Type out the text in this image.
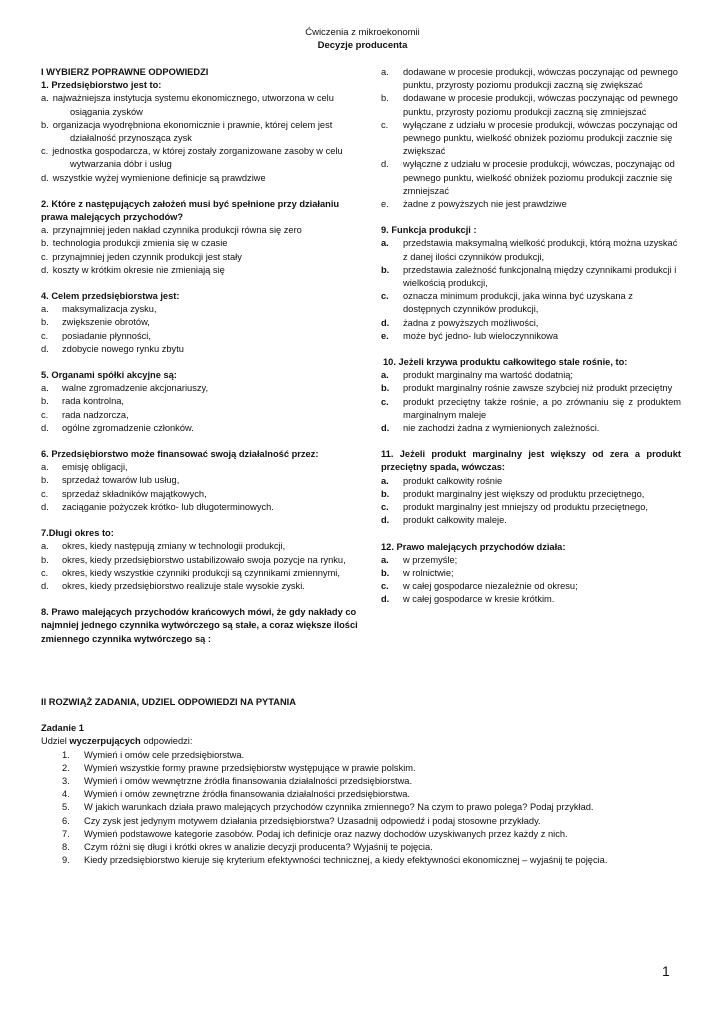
Ćwiczenia z mikroekonomii
Decyzje producenta
I WYBIERZ POPRAWNE ODPOWIEDZI
1. Przedsiębiorstwo jest to:
a. najważniejsza instytucja systemu ekonomicznego, utworzona w celu osiągania zysków
b. organizacja wyodrębniona ekonomicznie i prawnie, której celem jest działalność przynosząca zysk
c. jednostka gospodarcza, w której zostały zorganizowane zasoby w celu wytwarzania dóbr i usług
d. wszystkie wyżej wymienione definicje są prawdziwe
2. Które z następujących założeń musi być spełnione przy działaniu prawa malejących przychodów?
a. przynajmniej jeden nakład czynnika produkcji równa się zero
b. technologia produkcji zmienia się w czasie
c. przynajmniej jeden czynnik produkcji jest stały
d. koszty w krótkim okresie nie zmieniają się
4. Celem przedsiębiorstwa jest:
a.	maksymalizacja zysku,
b.	zwiększenie obrotów,
c.	posiadanie płynności,
d.	zdobycie nowego rynku zbytu
5. Organami spółki akcyjne są:
a.	walne zgromadzenie akcjonariuszy,
b.	rada kontrolna,
c.	rada nadzorcza,
d.	ogólne zgromadzenie członków.
6. Przedsiębiorstwo może finansować swoją działalność przez:
a.	emisję obligacji,
b.	sprzedaż towarów lub usług,
c.	sprzedaż składników majątkowych,
d.	zaciąganie pożyczek krótko- lub długoterminowych.
7.Długi okres to:
a.	okres, kiedy następują zmiany w technologii produkcji,
b.	okres, kiedy przedsiębiorstwo ustabilizowało swoja pozycje na rynku,
c.	okres, kiedy wszystkie czynniki produkcji są czynnikami zmiennymi,
d.	okres, kiedy przedsiębiorstwo realizuje stale wysokie zyski.
8. Prawo malejących przychodów krańcowych mówi, że gdy nakłady co najmniej jednego czynnika wytwórczego są stałe, a coraz większe ilości zmiennego czynnika wytwórczego są :
a.	dodawane w procesie produkcji, wówczas poczynając od pewnego punktu, przyrosty poziomu produkcji zaczną się zwiększać
b.	dodawane w procesie produkcji, wówczas poczynając od pewnego punktu, przyrosty poziomu produkcji zaczną się zmniejszać
c.	wyłączane z udziału w procesie produkcji, wówczas poczynając od pewnego punktu, wielkość obniżek poziomu produkcji zacznie się zwiększać
d.	wyłączne z udziału w procesie produkcji, wówczas, poczynając od pewnego punktu, wielkość obniżek poziomu produkcji zacznie się zmniejszać
e.	żadne z powyższych nie jest prawdziwe
9. Funkcja produkcji :
a.	przedstawia maksymalną wielkość produkcji, którą można uzyskać z danej ilości czynników produkcji,
b.	przedstawia zależność funkcjonalną między czynnikami produkcji i wielkością produkcji,
c.	oznacza minimum produkcji, jaka winna być uzyskana z dostępnych czynników produkcji,
d.	żadna z powyższych możliwości,
e.	może być jedno- lub wieloczynnikowa
10. Jeżeli krzywa produktu całkowitego stale rośnie, to:
a.	produkt marginalny ma wartość dodatnią;
b.	produkt marginalny rośnie zawsze szybciej niż produkt przeciętny
c.	produkt przeciętny także rośnie, a po zrównaniu się z produktem marginalnym maleje
d.	nie zachodzi żadna z wymienionych zależności.
11. Jeżeli produkt marginalny jest większy od zera a produkt przeciętny spada, wówczas:
a.	produkt całkowity rośnie
b.	produkt marginalny jest większy od produktu przeciętnego,
c.	produkt marginalny jest mniejszy od produktu przeciętnego,
d.	produkt całkowity maleje.
12. Prawo malejących przychodów działa:
a.	w przemyśle;
b.	w rolnictwie;
c.	w całej gospodarce niezależnie od okresu;
d.	w całej gospodarce w kresie krótkim.
II ROZWIĄŻ ZADANIA, UDZIEL ODPOWIEDZI NA PYTANIA
Zadanie 1
Udziel wyczerpujących odpowiedzi:
1.	Wymień i omów cele przedsiębiorstwa.
2.	Wymień wszystkie formy prawne przedsiębiorstw występujące w prawie polskim.
3.	Wymień i omów wewnętrzne źródła finansowania działalności przedsiębiorstwa.
4.	Wymień i omów zewnętrzne źródła finansowania działalności przedsiębiorstwa.
5.	W jakich warunkach działa prawo malejących przychodów czynnika zmiennego? Na czym to prawo polega? Podaj przykład.
6.	Czy zysk jest jedynym motywem działania przedsiębiorstwa? Uzasadnij odpowiedź i podaj stosowne przykłady.
7.	Wymień podstawowe kategorie zasobów. Podaj ich definicje oraz nazwy dochodów uzyskiwanych przez każdy z nich.
8.	Czym różni się długi i krótki okres w analizie decyzji producenta? Wyjaśnij te pojęcia.
9.	Kiedy przedsiębiorstwo kieruje się kryterium efektywności technicznej, a kiedy efektywności ekonomicznej – wyjaśnij te pojęcia.
1
